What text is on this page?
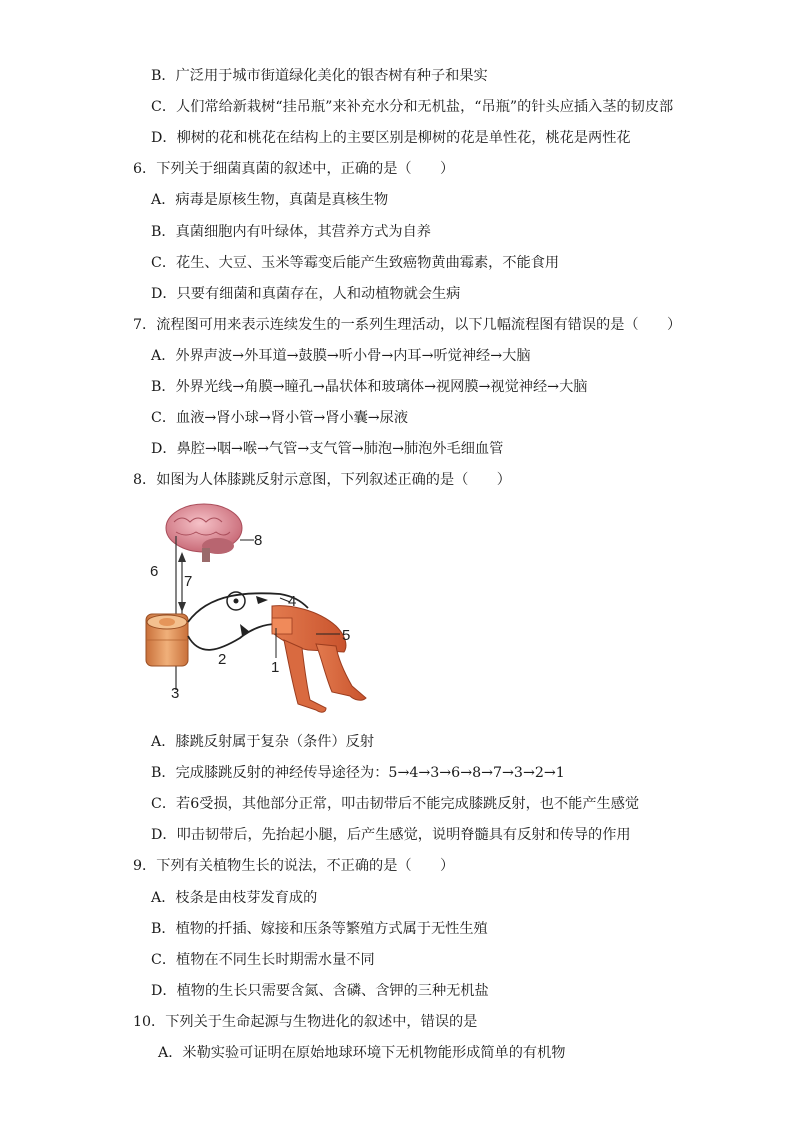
B．广泛用于城市街道绿化美化的银杏树有种子和果实
C．人们常给新栽树“挂吊瓶”来补充水分和无机盐，“吊瓶”的针头应插入茎的韧皮部
D．柳树的花和桃花在结构上的主要区别是柳树的花是单性花，桃花是两性花
6．下列关于细菌真菌的叙述中，正确的是（　　）
A．病毒是原核生物，真菌是真核生物
B．真菌细胞内有叶绿体，其营养方式为自养
C．花生、大豆、玉米等霉变后能产生致癌物黄曲霉素，不能食用
D．只要有细菌和真菌存在，人和动植物就会生病
7．流程图可用来表示连续发生的一系列生理活动，以下几幅流程图有错误的是（　　）
A．外界声波→外耳道→鼓膜→听小骨→内耳→听觉神经→大脑
B．外界光线→角膜→瞳孔→晶状体和玻璃体→视网膜→视觉神经→大脑
C．血液→肾小球→肾小管→肾小囊→尿液
D．鼻腔→咽→喉→气管→支气管→肺泡→肺泡外毛细血管
8．如图为人体膝跳反射示意图，下列叙述正确的是（　　）
8
6
7
4
5
2	1
3
A．膝跳反射属于复杂（条件）反射
B．完成膝跳反射的神经传导途径为：5→4→3→6→8→7→3→2→1
C．若6受损，其他部分正常，叩击韧带后不能完成膝跳反射，也不能产生感觉
D．叩击韧带后，先抬起小腿，后产生感觉，说明脊髓具有反射和传导的作用
9．下列有关植物生长的说法，不正确的是（　　）
A．枝条是由枝芽发育成的
B．植物的扦插、嫁接和压条等繁殖方式属于无性生殖
C．植物在不同生长时期需水量不同
D．植物的生长只需要含氮、含磷、含钾的三种无机盐
10．下列关于生命起源与生物进化的叙述中，错误的是
A．米勒实验可证明在原始地球环境下无机物能形成简单的有机物
